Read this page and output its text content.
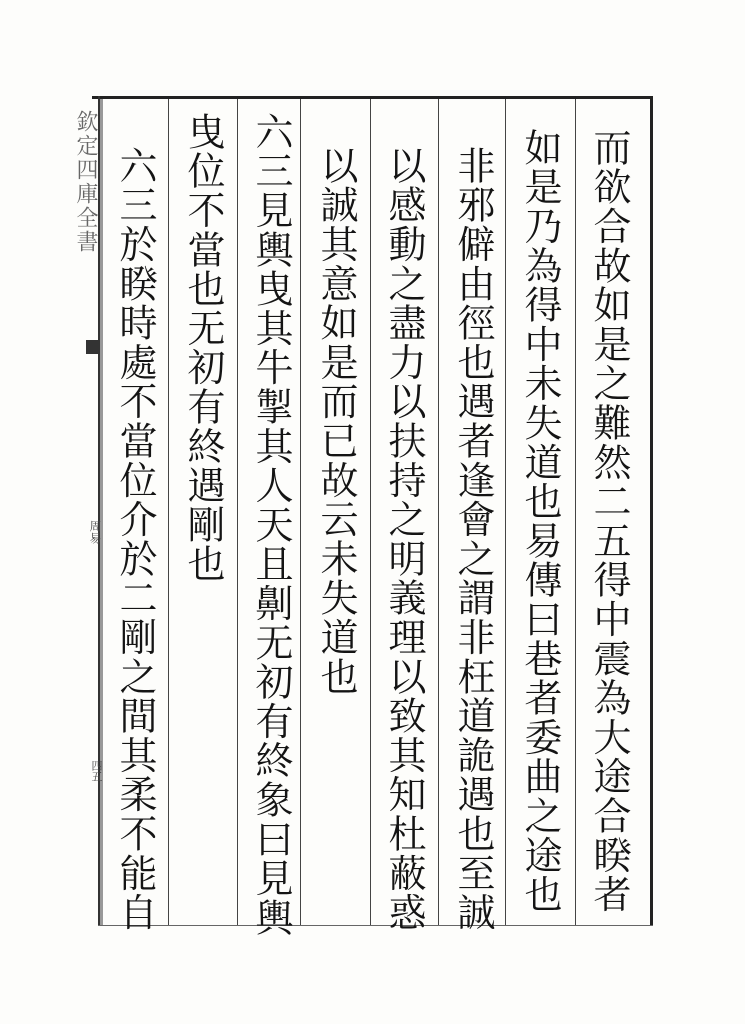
欽定四庫全書
周易
四五	而欲合故如是之難然二五得中震為大途合睽者
如是乃為得中未失道也易傳曰巷者委曲之途也
非邪僻由徑也遇者逢會之謂非枉道詭遇也至誠
以感動之盡力以扶持之明義理以致其知杜蔽惑
以誠其意如是而已故云未失道也
六三見輿曳其牛掣其人天且劓无初有終象曰見輿
曳位不當也无初有終遇剛也
六三於睽時處不當位介於二剛之間其柔不能自
